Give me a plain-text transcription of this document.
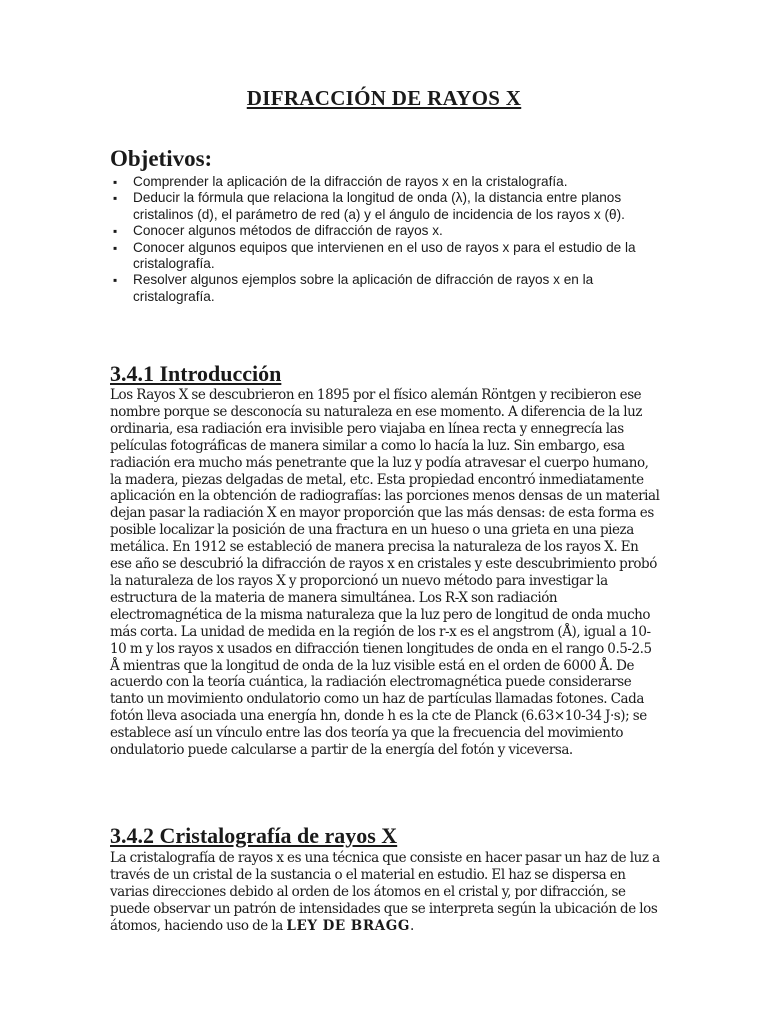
DIFRACCIÓN DE RAYOS X
Objetivos:
▪ Comprender la aplicación de la difracción de rayos x en la cristalografía.
▪ Deducir la fórmula que relaciona la longitud de onda (λ), la distancia entre planos cristalinos (d), el parámetro de red (a) y el ángulo de incidencia de los rayos x (θ).
▪ Conocer algunos métodos de difracción de rayos x.
▪ Conocer algunos equipos que intervienen en el uso de rayos x para el estudio de la cristalografía.
▪ Resolver algunos ejemplos sobre la aplicación de difracción de rayos x en la cristalografía.
3.4.1 Introducción

Los Rayos X se descubrieron en 1895 por el físico alemán Röntgen y recibieron ese nombre porque se desconocía su naturaleza en ese momento. A diferencia de la luz ordinaria, esa radiación era invisible pero viajaba en línea recta y ennegrecía las películas fotográficas de manera similar a como lo hacía la luz. Sin embargo, esa radiación era mucho más penetrante que la luz y podía atravesar el cuerpo humano, la madera, piezas delgadas de metal, etc. Esta propiedad encontró inmediatamente aplicación en la obtención de radiografías: las porciones menos densas de un material dejan pasar la radiación X en mayor proporción que las más densas: de esta forma es posible localizar la posición de una fractura en un hueso o una grieta en una pieza metálica. En 1912 se estableció de manera precisa la naturaleza de los rayos X. En ese año se descubrió la difracción de rayos x en cristales y este descubrimiento probó la naturaleza de los rayos X y proporcionó un nuevo método para investigar la estructura de la materia de manera simultánea. Los R-X son radiación electromagnética de la misma naturaleza que la luz pero de longitud de onda mucho más corta. La unidad de medida en la región de los r-x es el angstrom (Å), igual a 10-10 m y los rayos x usados en difracción tienen longitudes de onda en el rango 0.5-2.5 Å mientras que la longitud de onda de la luz visible está en el orden de 6000 Å. De acuerdo con la teoría cuántica, la radiación electromagnética puede considerarse tanto un movimiento ondulatorio como un haz de partículas llamadas fotones. Cada fotón lleva asociada una energía hn, donde h es la cte de Planck (6.63×10-34 J·s); se establece así un vínculo entre las dos teoría ya que la frecuencia del movimiento ondulatorio puede calcularse a partir de la energía del fotón y viceversa.

3.4.2 Cristalografía de rayos X

La cristalografía de rayos x es una técnica que consiste en hacer pasar un haz de luz a través de un cristal de la sustancia o el material en estudio. El haz se dispersa en varias direcciones debido al orden de los átomos en el cristal y, por difracción, se puede observar un patrón de intensidades que se interpreta según la ubicación de los átomos, haciendo uso de la LEY DE BRAGG.
